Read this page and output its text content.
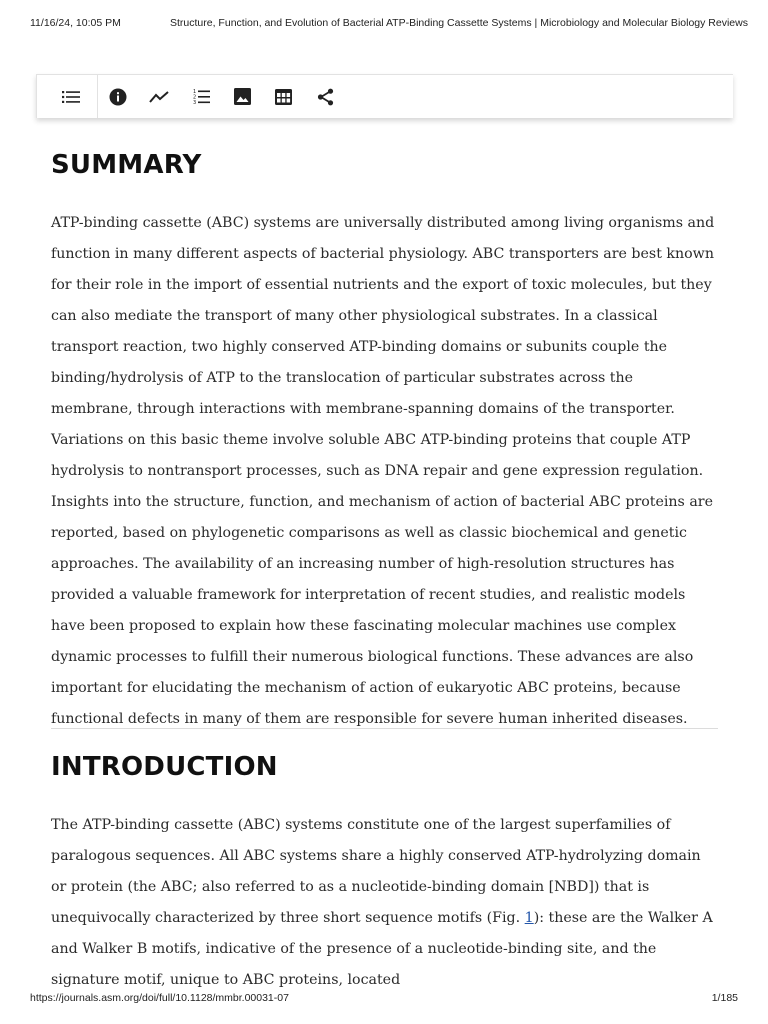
11/16/24, 10:05 PM	Structure, Function, and Evolution of Bacterial ATP-Binding Cassette Systems | Microbiology and Molecular Biology Reviews
1
2
3
SUMMARY

ATP-binding cassette (ABC) systems are universally distributed among living organisms and function in many different aspects of bacterial physiology. ABC transporters are best known for their role in the import of essential nutrients and the export of toxic molecules, but they can also mediate the transport of many other physiological substrates. In a classical transport reaction, two highly conserved ATP-binding domains or subunits couple the binding/hydrolysis of ATP to the translocation of particular substrates across the membrane, through interactions with membrane-spanning domains of the transporter. Variations on this basic theme involve soluble ABC ATP-binding proteins that couple ATP hydrolysis to nontransport processes, such as DNA repair and gene expression regulation. Insights into the structure, function, and mechanism of action of bacterial ABC proteins are reported, based on phylogenetic comparisons as well as classic biochemical and genetic approaches. The availability of an increasing number of high-resolution structures has provided a valuable framework for interpretation of recent studies, and realistic models have been proposed to explain how these fascinating molecular machines use complex dynamic processes to fulfill their numerous biological functions. These advances are also important for elucidating the mechanism of action of eukaryotic ABC proteins, because functional defects in many of them are responsible for severe human inherited diseases.

INTRODUCTION

The ATP-binding cassette (ABC) systems constitute one of the largest superfamilies of paralogous sequences. All ABC systems share a highly conserved ATP-hydrolyzing domain or protein (the ABC; also referred to as a nucleotide-binding domain [NBD]) that is unequivocally characterized by three short sequence motifs (Fig. 1): these are the Walker A and Walker B motifs, indicative of the presence of a nucleotide-binding site, and the signature motif, unique to ABC proteins, located

https://journals.asm.org/doi/full/10.1128/mmbr.00031-07	1/185
